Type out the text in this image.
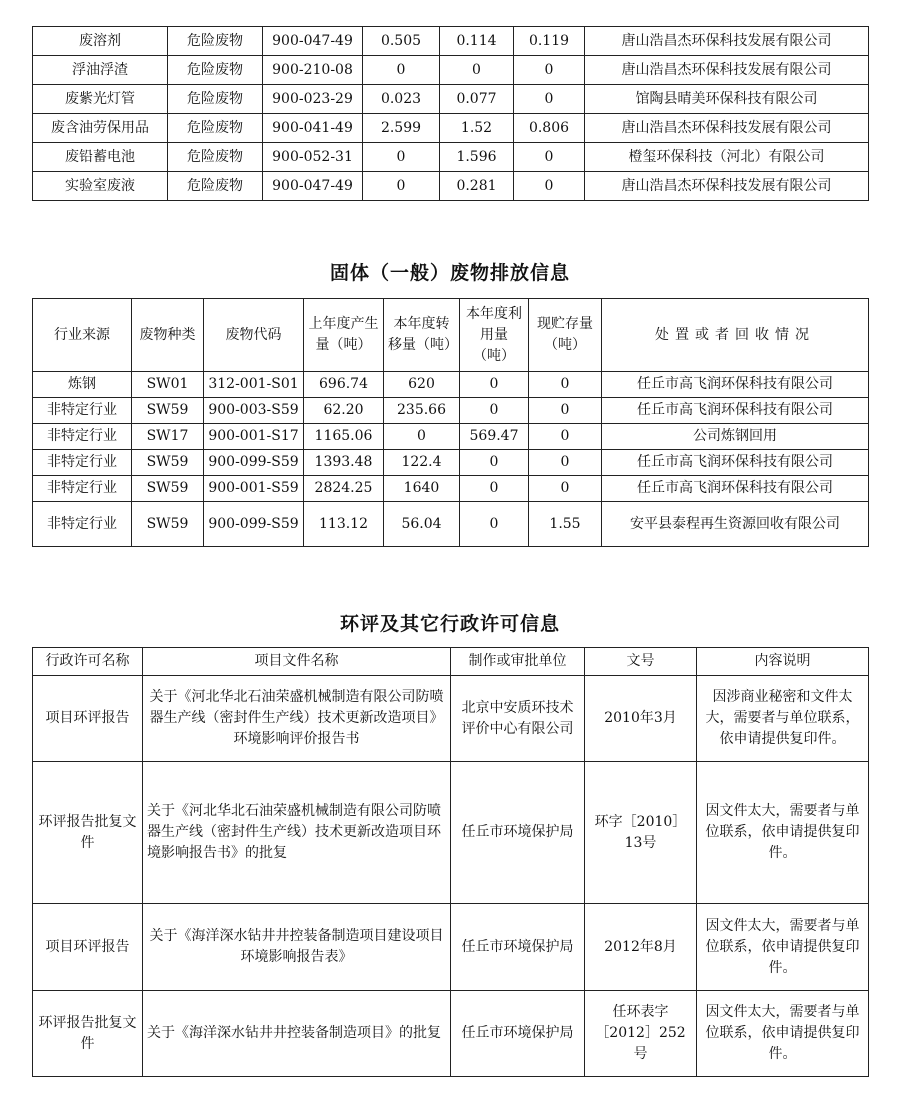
废溶剂	危险废物	900-047-49	0.505	0.114	0.119	唐山浩昌杰环保科技发展有限公司
浮油浮渣	危险废物	900-210-08	0	0	0	唐山浩昌杰环保科技发展有限公司
废紫光灯管	危险废物	900-023-29	0.023	0.077	0	馆陶县晴美环保科技有限公司
废含油劳保用品	危险废物	900-041-49	2.599	1.52	0.806	唐山浩昌杰环保科技发展有限公司
废铅蓄电池	危险废物	900-052-31	0	1.596	0	橙玺环保科技（河北）有限公司
实验室废液	危险废物	900-047-49	0	0.281	0	唐山浩昌杰环保科技发展有限公司
固体（一般）废物排放信息
行业来源	废物种类	废物代码	上年度产生量（吨）	本年度转移量（吨）	本年度利用量（吨）	现贮存量（吨）	处置或者回收情况
炼钢	SW01	312-001-S01	696.74	620	0	0	任丘市高飞润环保科技有限公司
非特定行业	SW59	900-003-S59	62.20	235.66	0	0	任丘市高飞润环保科技有限公司
非特定行业	SW17	900-001-S17	1165.06	0	569.47	0	公司炼钢回用
非特定行业	SW59	900-099-S59	1393.48	122.4	0	0	任丘市高飞润环保科技有限公司
非特定行业	SW59	900-001-S59	2824.25	1640	0	0	任丘市高飞润环保科技有限公司
非特定行业	SW59	900-099-S59	113.12	56.04	0	1.55	安平县泰程再生资源回收有限公司
环评及其它行政许可信息
行政许可名称	项目文件名称	制作或审批单位	文号	内容说明
项目环评报告	关于《河北华北石油荣盛机械制造有限公司防喷器生产线（密封件生产线）技术更新改造项目》环境影响评价报告书	北京中安质环技术评价中心有限公司	2010年3月	因涉商业秘密和文件太大，需要者与单位联系，依申请提供复印件。
环评报告批复文件	关于《河北华北石油荣盛机械制造有限公司防喷器生产线（密封件生产线）技术更新改造项目环境影响报告书》的批复	任丘市环境保护局	环字［2010］13号	因文件太大，需要者与单位联系，依申请提供复印件。
项目环评报告	关于《海洋深水钻井井控装备制造项目建设项目环境影响报告表》	任丘市环境保护局	2012年8月	因文件太大，需要者与单位联系，依申请提供复印件。
环评报告批复文件	关于《海洋深水钻井井控装备制造项目》的批复	任丘市环境保护局	任环表字［2012］252号	因文件太大，需要者与单位联系，依申请提供复印件。
